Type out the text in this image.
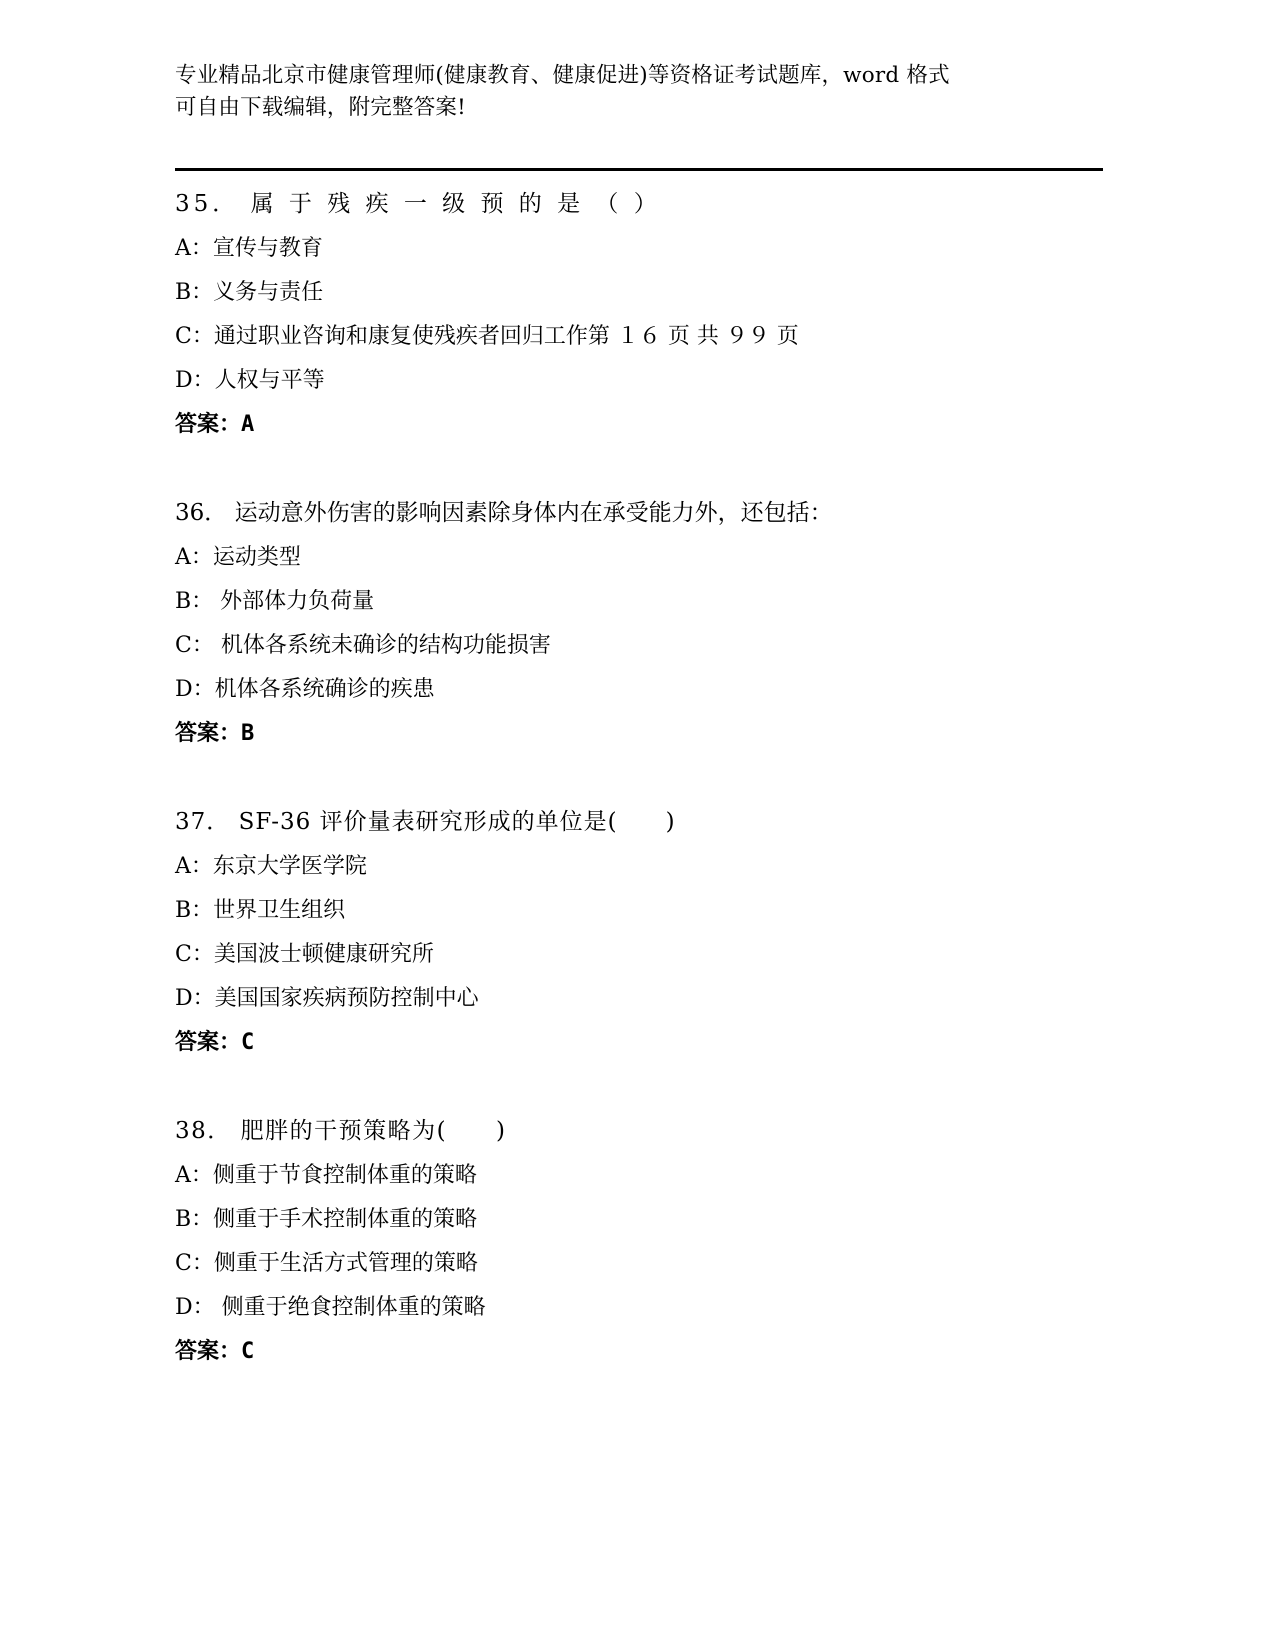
专业精品北京市健康管理师(健康教育、健康促进)等资格证考试题库，word 格式
可自由下载编辑，附完整答案!
35． 属 于 残 疾 一 级 预 的 是 （ ）
A：宣传与教育
B：义务与责任
C：通过职业咨询和康复使残疾者回归工作第 １６ 页 共 ９９ 页
D：人权与平等
答案：A
36． 运动意外伤害的影响因素除身体内在承受能力外，还包括：
A：运动类型
B： 外部体力负荷量
C： 机体各系统未确诊的结构功能损害
D：机体各系统确诊的疾患
答案：B
37． SF-36 评价量表研究形成的单位是(　　)
A：东京大学医学院
B：世界卫生组织
C：美国波士顿健康研究所
D：美国国家疾病预防控制中心
答案：C
38． 肥胖的干预策略为(　　)
A：侧重于节食控制体重的策略
B：侧重于手术控制体重的策略
C：侧重于生活方式管理的策略
D： 侧重于绝食控制体重的策略
答案：C
